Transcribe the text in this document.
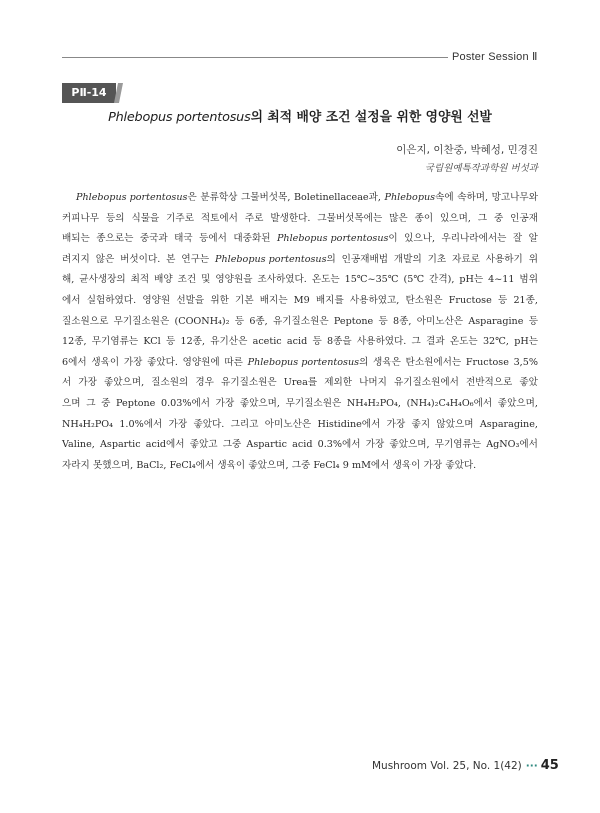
Poster Session Ⅱ
PⅡ-14
Phlebopus portentosus의 최적 배양 조건 설정을 위한 영양원 선발
이은지, 이찬중, 박혜성, 민경진
국립원예특작과학원 버섯과
Phlebopus portentosus은 분류학상 그물버섯목, Boletinellaceae과, Phlebopus속에 속하며, 망고나무와
커피나무 등의 식물을 기주로 적토에서 주로 발생한다. 그물버섯목에는 많은 종이 있으며, 그 중 인공재
배되는 종으로는 중국과 태국 등에서 대중화된 Phlebopus portentosus이 있으나, 우리나라에서는 잘 알
려지지 않은 버섯이다. 본 연구는 Phlebopus portentosus의 인공재배법 개발의 기초 자료로 사용하기 위
해, 균사생장의 최적 배양 조건 및 영양원을 조사하였다. 온도는 15℃~35℃ (5℃ 간격), pH는 4~11 범위
에서 실험하였다. 영양원 선발을 위한 기본 배지는 M9 배지를 사용하였고, 탄소원은 Fructose 등 21종,
질소원으로 무기질소원은 (COONH₄)₂ 등 6종, 유기질소원은 Peptone 등 8종, 아미노산은 Asparagine 등
12종, 무기염류는 KCl 등 12종, 유기산은 acetic acid 등 8종을 사용하였다. 그 결과 온도는 32℃, pH는
6에서 생육이 가장 좋았다. 영양원에 따른 Phlebopus portentosus의 생육은 탄소원에서는 Fructose 3,5%
서 가장 좋았으며, 질소원의 경우 유기질소원은 Urea를 제외한 나머지 유기질소원에서 전반적으로 좋았
으며 그 중 Peptone 0.03%에서 가장 좋았으며, 무기질소원은 NH₄H₂PO₄, (NH₄)₂C₄H₄O₆에서 좋았으며,
NH₄H₂PO₄ 1.0%에서 가장 좋았다. 그리고 아미노산은 Histidine에서 가장 좋지 않았으며 Asparagine,
Valine, Aspartic acid에서 좋았고 그중 Aspartic acid 0.3%에서 가장 좋았으며, 무기염류는 AgNO₃에서
자라지 못했으며, BaCl₂, FeCl₄에서 생육이 좋았으며, 그중 FeCl₄ 9 mM에서 생육이 가장 좋았다.
Mushroom Vol. 25, No. 1(42) ··· 45
